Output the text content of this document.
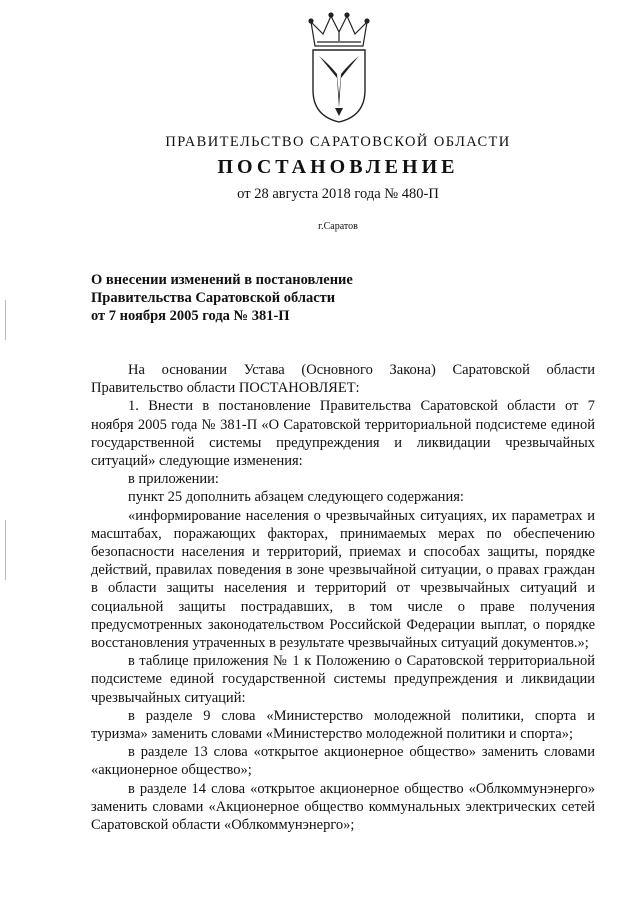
ПРАВИТЕЛЬСТВО САРАТОВСКОЙ ОБЛАСТИ
ПОСТАНОВЛЕНИЕ
от 28 августа 2018 года № 480-П
г.Саратов
О внесении изменений в постановление
Правительства Саратовской области
от 7 ноября 2005 года № 381-П

На основании Устава (Основного Закона) Саратовской области Правительство области ПОСТАНОВЛЯЕТ:

1. Внести в постановление Правительства Саратовской области от 7 ноября 2005 года № 381-П «О Саратовской территориальной подсистеме единой государственной системы предупреждения и ликвидации чрезвычайных ситуаций» следующие изменения:

в приложении:

пункт 25 дополнить абзацем следующего содержания:

«информирование населения о чрезвычайных ситуациях, их параметрах и масштабах, поражающих факторах, принимаемых мерах по обеспечению безопасности населения и территорий, приемах и способах защиты, порядке действий, правилах поведения в зоне чрезвычайной ситуации, о правах граждан в области защиты населения и территорий от чрезвычайных ситуаций и социальной защиты пострадавших, в том числе о праве получения предусмотренных законодательством Российской Федерации выплат, о порядке восстановления утраченных в результате чрезвычайных ситуаций документов.»;

в таблице приложения № 1 к Положению о Саратовской территориальной подсистеме единой государственной системы предупреждения и ликвидации чрезвычайных ситуаций:

в разделе 9 слова «Министерство молодежной политики, спорта и туризма» заменить словами «Министерство молодежной политики и спорта»;

в разделе 13 слова «открытое акционерное общество» заменить словами «акционерное общество»;

в разделе 14 слова «открытое акционерное общество «Облкоммунэнерго» заменить словами «Акционерное общество коммунальных электрических сетей Саратовской области «Облкоммунэнерго»;
